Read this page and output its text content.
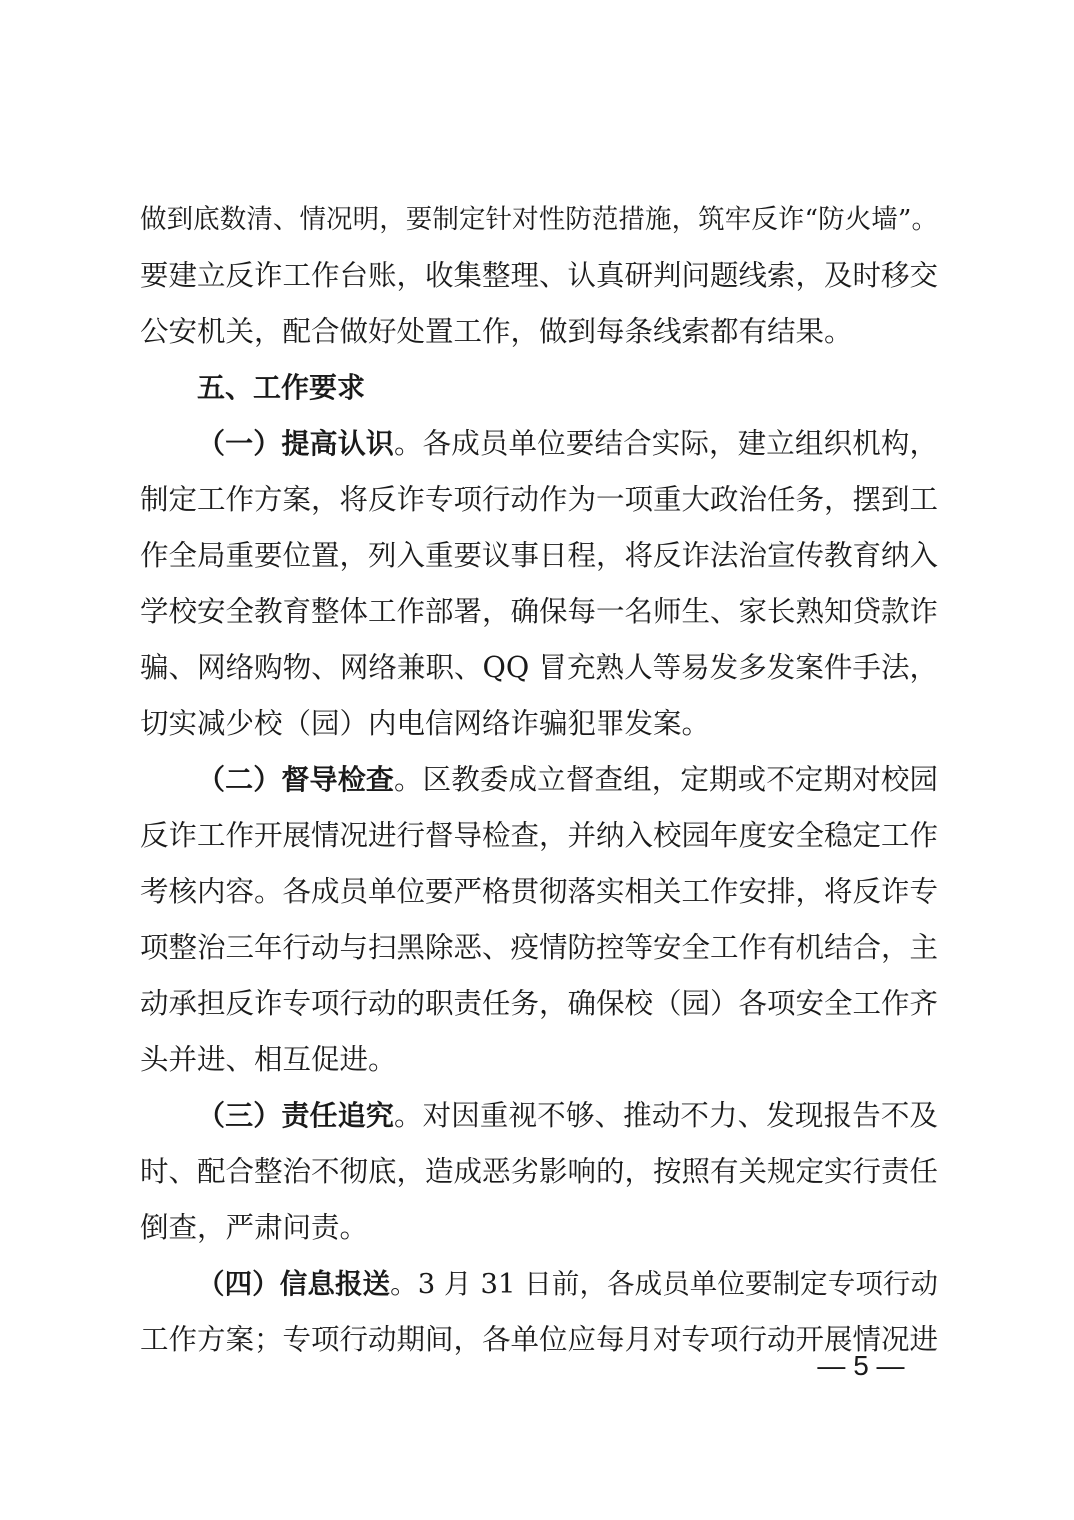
做到底数清、情况明，要制定针对性防范措施，筑牢反诈“防火墙”。
要建立反诈工作台账，收集整理、认真研判问题线索，及时移交
公安机关，配合做好处置工作，做到每条线索都有结果。
五、工作要求
（一）提高认识。各成员单位要结合实际，建立组织机构，
制定工作方案，将反诈专项行动作为一项重大政治任务，摆到工
作全局重要位置，列入重要议事日程，将反诈法治宣传教育纳入
学校安全教育整体工作部署，确保每一名师生、家长熟知贷款诈
骗、网络购物、网络兼职、QQ 冒充熟人等易发多发案件手法，
切实减少校（园）内电信网络诈骗犯罪发案。
（二）督导检查。区教委成立督查组，定期或不定期对校园
反诈工作开展情况进行督导检查，并纳入校园年度安全稳定工作
考核内容。各成员单位要严格贯彻落实相关工作安排，将反诈专
项整治三年行动与扫黑除恶、疫情防控等安全工作有机结合，主
动承担反诈专项行动的职责任务，确保校（园）各项安全工作齐
头并进、相互促进。
（三）责任追究。对因重视不够、推动不力、发现报告不及
时、配合整治不彻底，造成恶劣影响的，按照有关规定实行责任
倒查，严肃问责。
（四）信息报送。3 月 31 日前，各成员单位要制定专项行动
工作方案；专项行动期间，各单位应每月对专项行动开展情况进
— 5 —
